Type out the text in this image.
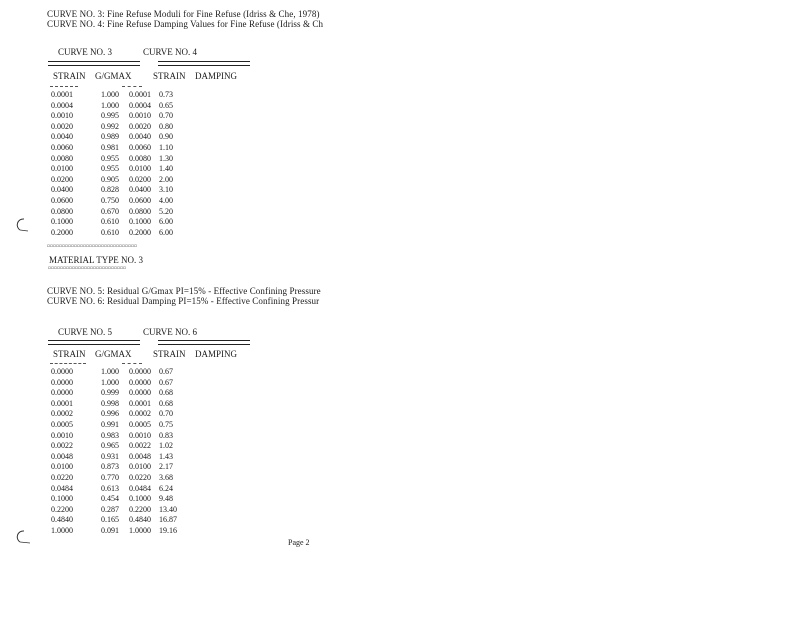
CURVE NO. 3: Fine Refuse Moduli for Fine Refuse (Idriss & Che, 1978)
CURVE NO. 4: Fine Refuse Damping Values for Fine Refuse (Idriss & Ch
CURVE NO. 3	CURVE NO. 4
STRAIN G/GMAX STRAIN DAMPING
0.0001	1.000	0.0001	0.73
0.0004	1.000	0.0004	0.65
0.0010	0.995	0.0010	0.70
0.0020	0.992	0.0020	0.80
0.0040	0.989	0.0040	0.90
0.0060	0.981	0.0060	1.10
0.0080	0.955	0.0080	1.30
0.0100	0.955	0.0100	1.40
0.0200	0.905	0.0200	2.00
0.0400	0.828	0.0400	3.10
0.0600	0.750	0.0600	4.00
0.0800	0.670	0.0800	5.20
0.1000	0.610	0.1000	6.00
0.2000	0.610	0.2000	6.00
¤¤¤¤¤¤¤¤¤¤¤¤¤¤¤¤¤¤¤¤¤¤¤¤¤¤¤¤¤¤
MATERIAL TYPE NO. 3
¤¤¤¤¤¤¤¤¤¤¤¤¤¤¤¤¤¤¤¤¤¤¤¤¤¤
CURVE NO. 5: Residual G/Gmax PI=15% - Effective Confining Pressure
CURVE NO. 6: Residual Damping PI=15% - Effective Confining Pressur
CURVE NO. 5	CURVE NO. 6
STRAIN G/GMAX STRAIN DAMPING
0.0000	1.000	0.0000	0.67
0.0000	1.000	0.0000	0.67
0.0000	0.999	0.0000	0.68
0.0001	0.998	0.0001	0.68
0.0002	0.996	0.0002	0.70
0.0005	0.991	0.0005	0.75
0.0010	0.983	0.0010	0.83
0.0022	0.965	0.0022	1.02
0.0048	0.931	0.0048	1.43
0.0100	0.873	0.0100	2.17
0.0220	0.770	0.0220	3.68
0.0484	0.613	0.0484	6.24
0.1000	0.454	0.1000	9.48
0.2200	0.287	0.2200	13.40
0.4840	0.165	0.4840	16.87
1.0000	0.091	1.0000	19.16
Page 2
